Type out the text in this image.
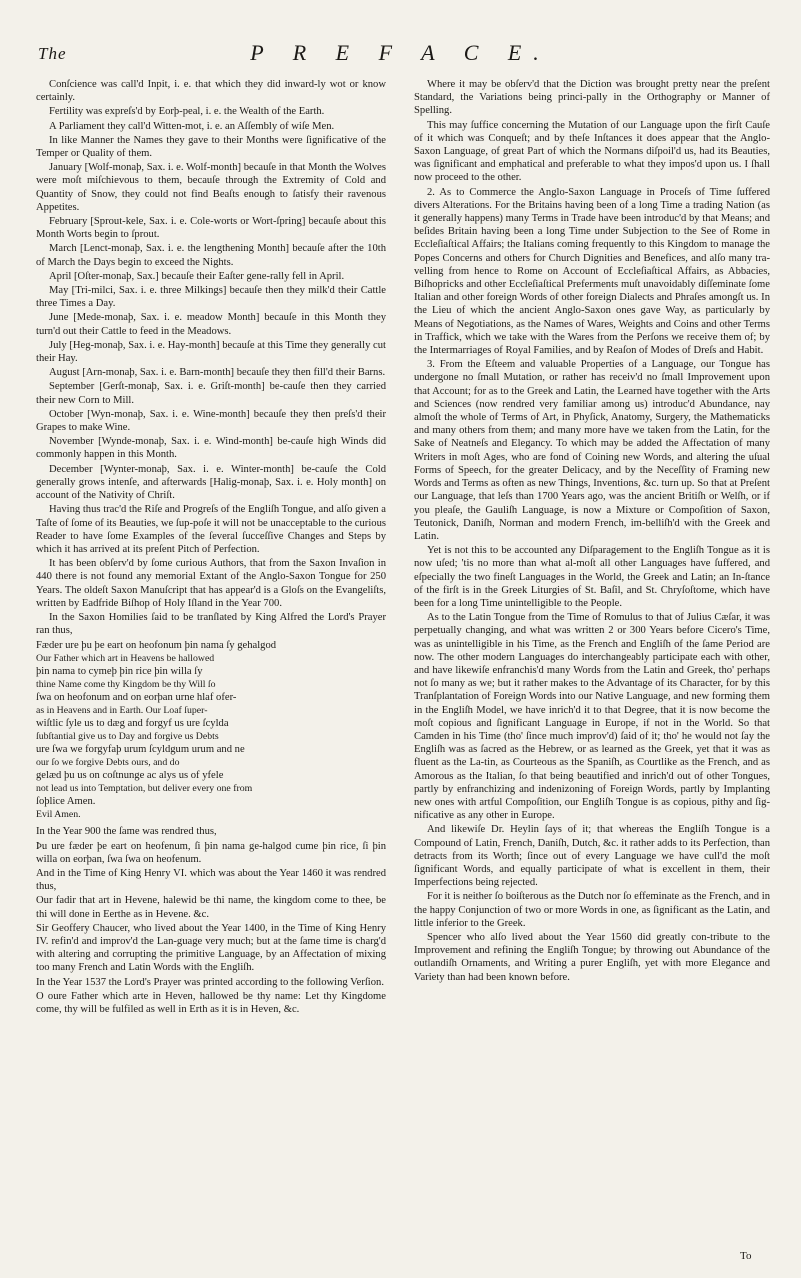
The	P R E F A C E.

Conſcience was call'd Inpit, i. e. that which they did inward-ly wot or know certainly.

Fertility was expreſs'd by Eorþ-peal, i. e. the Wealth of the Earth.

A Parliament they call'd Witten-mot, i. e. an Aſſembly of wiſe Men.

In like Manner the Names they gave to their Months were ſignificative of the Temper or Quality of them.

January [Wolf-monaþ, Sax. i. e. Wolf-month] becauſe in that Month the Wolves were moſt miſchievous to them, becauſe through the Extremity of Cold and Quantity of Snow, they could not find Beaſts enough to ſatisfy their ravenous Appetites.

February [Sprout-kele, Sax. i. e. Cole-worts or Wort-ſpring] becauſe about this Month Worts begin to ſprout.

March [Lenct-monaþ, Sax. i. e. the lengthening Month] becauſe after the 10th of March the Days begin to exceed the Nights.

April [Oſter-monaþ, Sax.] becauſe their Eaſter gene-rally fell in April.

May [Tri-milci, Sax. i. e. three Milkings] becauſe then they milk'd their Cattle three Times a Day.

June [Mede-monaþ, Sax. i. e. meadow Month] becauſe in this Month they turn'd out their Cattle to feed in the Meadows.

July [Heg-monaþ, Sax. i. e. Hay-month] becauſe at this Time they generally cut their Hay.

August [Arn-monaþ, Sax. i. e. Barn-month] becauſe they then fill'd their Barns.

September [Gerſt-monaþ, Sax. i. e. Griſt-month] be-cauſe then they carried their new Corn to Mill.

October [Wyn-monaþ, Sax. i. e. Wine-month] becauſe they then preſs'd their Grapes to make Wine.

November [Wynde-monaþ, Sax. i. e. Wind-month] be-cauſe high Winds did commonly happen in this Month.

December [Wynter-monaþ, Sax. i. e. Winter-month] be-cauſe the Cold generally grows intenſe, and afterwards [Halig-monaþ, Sax. i. e. Holy month] on account of the Nativity of Chriſt.

Having thus trac'd the Riſe and Progreſs of the Engliſh Tongue, and alſo given a Taſte of ſome of its Beauties, we ſup-poſe it will not be unacceptable to the curious Reader to have ſome Examples of the ſeveral ſucceſſive Changes and Steps by which it has arrived at its preſent Pitch of Perfection.

It has been obſerv'd by ſome curious Authors, that from the Saxon Invaſion in 440 there is not found any memorial Extant of the Anglo-Saxon Tongue for 250 Years. The oldeſt Saxon Manuſcript that has appear'd is a Gloſs on the Evangeliſts, written by Eadfride Biſhop of Holy Iſland in the Year 700.

In the Saxon Homilies ſaid to be tranſlated by King Alfred the Lord's Prayer ran thus,

Fæder ure þu þe eart on heofonum þin nama ſy gehalgod
Our Father which art in Heavens be hallowed
þin nama to cymeþ þin rice þin willa ſy
thine Name come thy Kingdom be thy Will ſo
ſwa on heofonum and on eorþan urne hlaf ofer-
as in Heavens and in Earth. Our Loaf ſuper-
wiſtlic ſyle us to dæg and forgyf us ure ſcylda
ſubſtantial give us to Day and forgive us Debts
ure ſwa we forgyfaþ urum ſcyldgum urum and ne
our ſo we forgive Debts ours, and do
gelæd þu us on coſtnunge ac alys us of yfele
not lead us into Temptation, but deliver every one from
ſoþlice Amen.
Evil Amen.

In the Year 900 the ſame was rendred thus,

Þu ure fæder þe eart on heofenum, ſi þin nama ge-halgod cume þin rice, ſi þin willa on eorþan, ſwa ſwa on heofenum.

And in the Time of King Henry VI. which was about the Year 1460 it was rendred thus,

Our fadir that art in Hevene, halewid be thi name, the kingdom come to thee, be thi will done in Eerthe as in Hevene. &c.

Sir Geoffery Chaucer, who lived about the Year 1400, in the Time of King Henry IV. refin'd and improv'd the Lan-guage very much; but at the ſame time is charg'd with altering and corrupting the primitive Language, by an Affectation of mixing too many French and Latin Words with the Engliſh.

In the Year 1537 the Lord's Prayer was printed according to the following Verſion.

O oure Father which arte in Heven, hallowed be thy name: Let thy Kingdome come, thy will be fulfiled as well in Erth as it is in Heven, &c.

Where it may be obſerv'd that the Diction was brought pretty near the preſent Standard, the Variations being princi-pally in the Orthography or Manner of Spelling.

This may ſuffice concerning the Mutation of our Language upon the firſt Cauſe of it which was Conqueſt; and by theſe Inſtances it does appear that the Anglo-Saxon Language, of great Part of which the Normans diſpoil'd us, had its Beauties, was ſignificant and emphatical and preferable to what they impos'd upon us. I ſhall now proceed to the other.

2. As to Commerce the Anglo-Saxon Language in Proceſs of Time ſuffered divers Alterations. For the Britains having been of a long Time a trading Nation (as it generally happens) many Terms in Trade have been introduc'd by that Means; and beſides Britain having been a long Time under Subjection to the See of Rome in Eccleſiaſtical Affairs; the Italians coming frequently to this Kingdom to manage the Popes Concerns and others for Church Dignities and Benefices, and alſo many tra-velling from hence to Rome on Account of Eccleſiaſtical Affairs, as Abbacies, Biſhopricks and other Eccleſiaſtical Preferments muſt unavoidably diſſeminate ſome Italian and other foreign Words of other foreign Dialects and Phraſes amongſt us. In the Lieu of which the ancient Anglo-Saxon ones gave Way, as particularly by Means of Negotiations, as the Names of Wares, Weights and Coins and other Terms in Traffick, which we take with the Wares from the Perſons we receive them of; by the Intermarriages of Royal Families, and by Reaſon of Modes of Dreſs and Habit.

3. From the Eſteem and valuable Properties of a Language, our Tongue has undergone no ſmall Mutation, or rather has receiv'd no ſmall Improvement upon that Account; for as to the Greek and Latin, the Learned have together with the Arts and Sciences (now rendred very familiar among us) introduc'd Abundance, nay almoſt the whole of Terms of Art, in Phyſick, Anatomy, Surgery, the Mathematicks and many others from them; and many more have we taken from the Latin, for the Sake of Neatneſs and Elegancy. To which may be added the Affectation of many Writers in moſt Ages, who are fond of Coining new Words, and altering the uſual Forms of Speech, for the greater Delicacy, and by the Neceſſity of Framing new Words and Terms as often as new Things, Inventions, &c. turn up. So that at Preſent our Language, that leſs than 1700 Years ago, was the ancient Britiſh or Welſh, or if you pleaſe, the Gauliſh Language, is now a Mixture or Compoſition of Saxon, Teutonick, Daniſh, Norman and modern French, im-belliſh'd with the Greek and Latin.

Yet is not this to be accounted any Diſparagement to the Engliſh Tongue as it is now uſed; 'tis no more than what al-moſt all other Languages have ſuffered, and eſpecially the two fineſt Languages in the World, the Greek and Latin; an In-ſtance of the firſt is in the Greek Liturgies of St. Baſil, and St. Chryſoſtome, which have been for a long Time unintelligible to the People.

As to the Latin Tongue from the Time of Romulus to that of Julius Cæſar, it was perpetually changing, and what was written 2 or 300 Years before Cicero's Time, was as unintelligible in his Time, as the French and Engliſh of the ſame Period are now. The other modern Languages do interchangeably participate each with other, and have likewiſe enfranchis'd many Words from the Latin and Greek, tho' perhaps not ſo many as we; but it rather makes to the Advantage of its Character, for by this Tranſplantation of Foreign Words into our Native Language, and new forming them in the Engliſh Model, we have inrich'd it to that Degree, that it is now become the moſt copious and ſignificant Language in Europe, if not in the World. So that Camden in his Time (tho' ſince much improv'd) ſaid of it; tho' he would not ſay the Engliſh was as ſacred as the Hebrew, or as learned as the Greek, yet that it was as fluent as the La-tin, as Courteous as the Spaniſh, as Courtlike as the French, and as Amorous as the Italian, ſo that being beautified and inrich'd out of other Tongues, partly by enfranchizing and indenizoning of Foreign Words, partly by Implanting new ones with artful Compoſition, our Engliſh Tongue is as copious, pithy and ſig-nificative as any other in Europe.

And likewiſe Dr. Heylin ſays of it; that whereas the Engliſh Tongue is a Compound of Latin, French, Daniſh, Dutch, &c. it rather adds to its Perfection, than detracts from its Worth; ſince out of every Language we have cull'd the moſt ſignificant Words, and equally participate of what is excellent in them, their Imperfections being rejected.

For it is neither ſo boiſterous as the Dutch nor ſo effeminate as the French, and in the happy Conjunction of two or more Words in one, as ſignificant as the Latin, and little inferior to the Greek.

Spencer who alſo lived about the Year 1560 did greatly con-tribute to the Improvement and refining the Engliſh Tongue; by throwing out Abundance of the outlandiſh Ornaments, and Writing a purer Engliſh, yet with more Elegance and Variety than had been known before.

To
